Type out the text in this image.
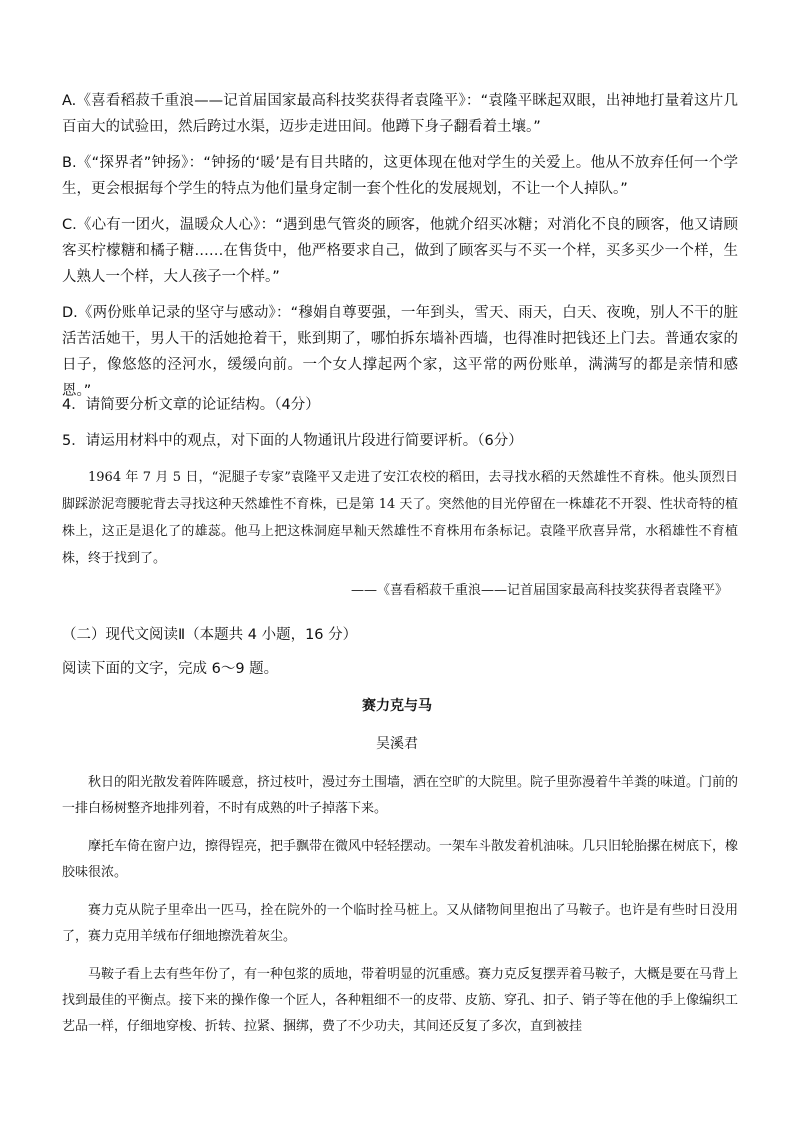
A.《喜看稻菽千重浪——记首届国家最高科技奖获得者袁隆平》：“袁隆平眯起双眼，出神地打量着这片几百亩大的试验田，然后跨过水渠，迈步走进田间。他蹲下身子翻看着土壤。”
B.《“探界者”钟扬》：“钟扬的‘暖’是有目共睹的，这更体现在他对学生的关爱上。他从不放弃任何一个学生，更会根据每个学生的特点为他们量身定制一套个性化的发展规划，不让一个人掉队。”
C.《心有一团火，温暖众人心》：“遇到患气管炎的顾客，他就介绍买冰糖；对消化不良的顾客，他又请顾客买柠檬糖和橘子糖……在售货中，他严格要求自己，做到了顾客买与不买一个样，买多买少一个样，生人熟人一个样，大人孩子一个样。”
D.《两份账单记录的坚守与感动》：“穆娟自尊要强，一年到头，雪天、雨天，白天、夜晚，别人不干的脏活苦活她干，男人干的活她抢着干，账到期了，哪怕拆东墙补西墙，也得准时把钱还上门去。普通农家的日子，像悠悠的泾河水，缓缓向前。一个女人撑起两个家，这平常的两份账单，满满写的都是亲情和感恩。”
4．请简要分析文章的论证结构。（4分）
5．请运用材料中的观点，对下面的人物通讯片段进行简要评析。（6分）
1964 年 7 月 5 日，“泥腿子专家”袁隆平又走进了安江农校的稻田，去寻找水稻的天然雄性不育株。他头顶烈日脚踩淤泥弯腰驼背去寻找这种天然雄性不育株，已是第 14 天了。突然他的目光停留在一株雄花不开裂、性状奇特的植株上，这正是退化了的雄蕊。他马上把这株洞庭早籼天然雄性不育株用布条标记。袁隆平欣喜异常，水稻雄性不育植株，终于找到了。
——《喜看稻菽千重浪——记首届国家最高科技奖获得者袁隆平》
（二）现代文阅读Ⅱ（本题共 4 小题，16 分）
阅读下面的文字，完成 6～9 题。
赛力克与马
吴溪君
秋日的阳光散发着阵阵暖意，挤过枝叶，漫过夯土围墙，洒在空旷的大院里。院子里弥漫着牛羊粪的味道。门前的一排白杨树整齐地排列着，不时有成熟的叶子掉落下来。
摩托车倚在窗户边，擦得锃亮，把手飘带在微风中轻轻摆动。一架车斗散发着机油味。几只旧轮胎摞在树底下，橡胶味很浓。
赛力克从院子里牵出一匹马，拴在院外的一个临时拴马桩上。又从储物间里抱出了马鞍子。也许是有些时日没用了，赛力克用羊绒布仔细地擦洗着灰尘。
马鞍子看上去有些年份了，有一种包浆的质地，带着明显的沉重感。赛力克反复摆弄着马鞍子，大概是要在马背上找到最佳的平衡点。接下来的操作像一个匠人，各种粗细不一的皮带、皮筋、穿孔、扣子、销子等在他的手上像编织工艺品一样，仔细地穿梭、折转、拉紧、捆绑，费了不少功夫，其间还反复了多次，直到被挂
